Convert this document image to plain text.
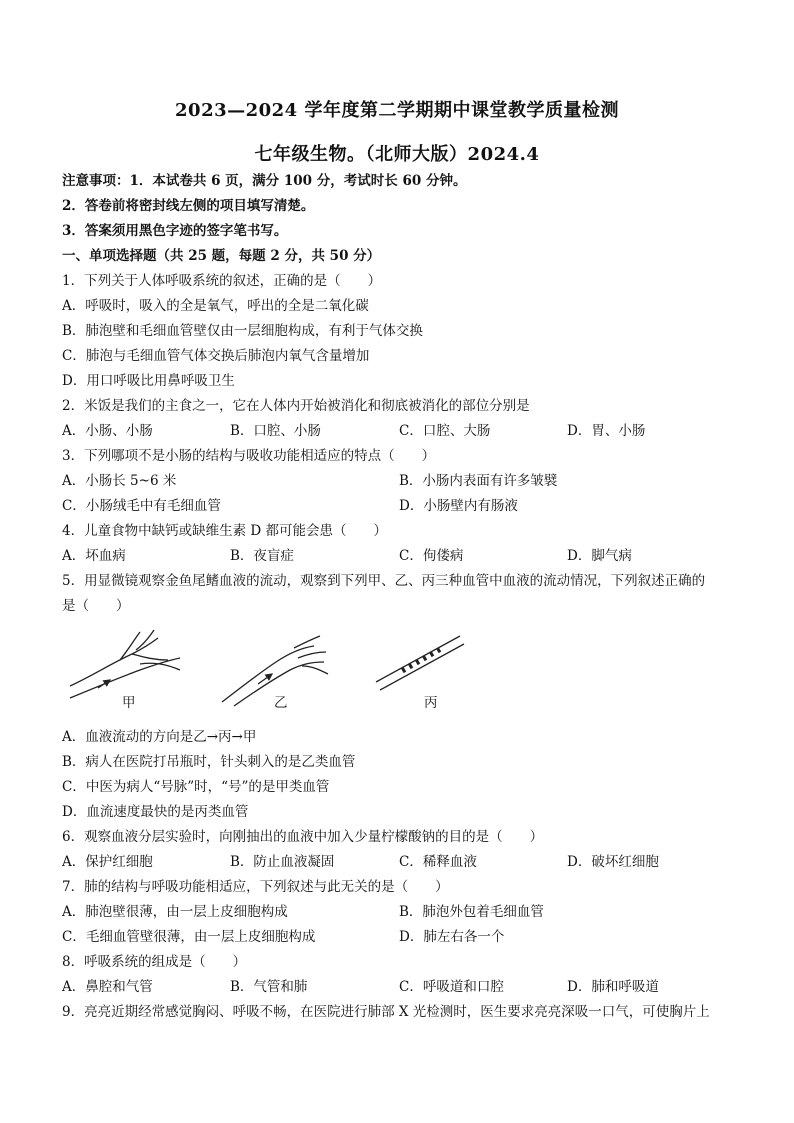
2023—2024 学年度第二学期期中课堂教学质量检测
七年级生物。（北师大版）2024.4
注意事项：1．本试卷共 6 页，满分 100 分，考试时长 60 分钟。
2．答卷前将密封线左侧的项目填写清楚。
3．答案须用黑色字迹的签字笔书写。
一、单项选择题（共 25 题，每题 2 分，共 50 分）
1．下列关于人体呼吸系统的叙述，正确的是（　　）
A．呼吸时，吸入的全是氧气，呼出的全是二氧化碳
B．肺泡壁和毛细血管壁仅由一层细胞构成，有利于气体交换
C．肺泡与毛细血管气体交换后肺泡内氧气含量增加
D．用口呼吸比用鼻呼吸卫生
2．米饭是我们的主食之一，它在人体内开始被消化和彻底被消化的部位分别是
A．小肠、小肠	B．口腔、小肠	C．口腔、大肠	D．胃、小肠
3．下列哪项不是小肠的结构与吸收功能相适应的特点（　　）
A．小肠长 5~6 米	B．小肠内表面有许多皱襞
C．小肠绒毛中有毛细血管	D．小肠壁内有肠液
4．儿童食物中缺钙或缺维生素 D 都可能会患（　　）
A．坏血病	B．夜盲症	C．佝偻病	D．脚气病
5．用显微镜观察金鱼尾鳍血液的流动，观察到下列甲、乙、丙三种血管中血液的流动情况，下列叙述正确的
是（　　）
甲	乙	丙
A．血液流动的方向是乙→丙→甲
B．病人在医院打吊瓶时，针头刺入的是乙类血管
C．中医为病人“号脉”时，“号”的是甲类血管
D．血流速度最快的是丙类血管
6．观察血液分层实验时，向刚抽出的血液中加入少量柠檬酸钠的目的是（　　）
A．保护红细胞	B．防止血液凝固	C．稀释血液	D．破坏红细胞
7．肺的结构与呼吸功能相适应，下列叙述与此无关的是（　　）
A．肺泡壁很薄，由一层上皮细胞构成	B．肺泡外包着毛细血管
C．毛细血管壁很薄，由一层上皮细胞构成	D．肺左右各一个
8．呼吸系统的组成是（　　）
A．鼻腔和气管	B．气管和肺	C．呼吸道和口腔	D．肺和呼吸道
9．亮亮近期经常感觉胸闷、呼吸不畅，在医院进行肺部 X 光检测时，医生要求亮亮深吸一口气，可使胸片上
